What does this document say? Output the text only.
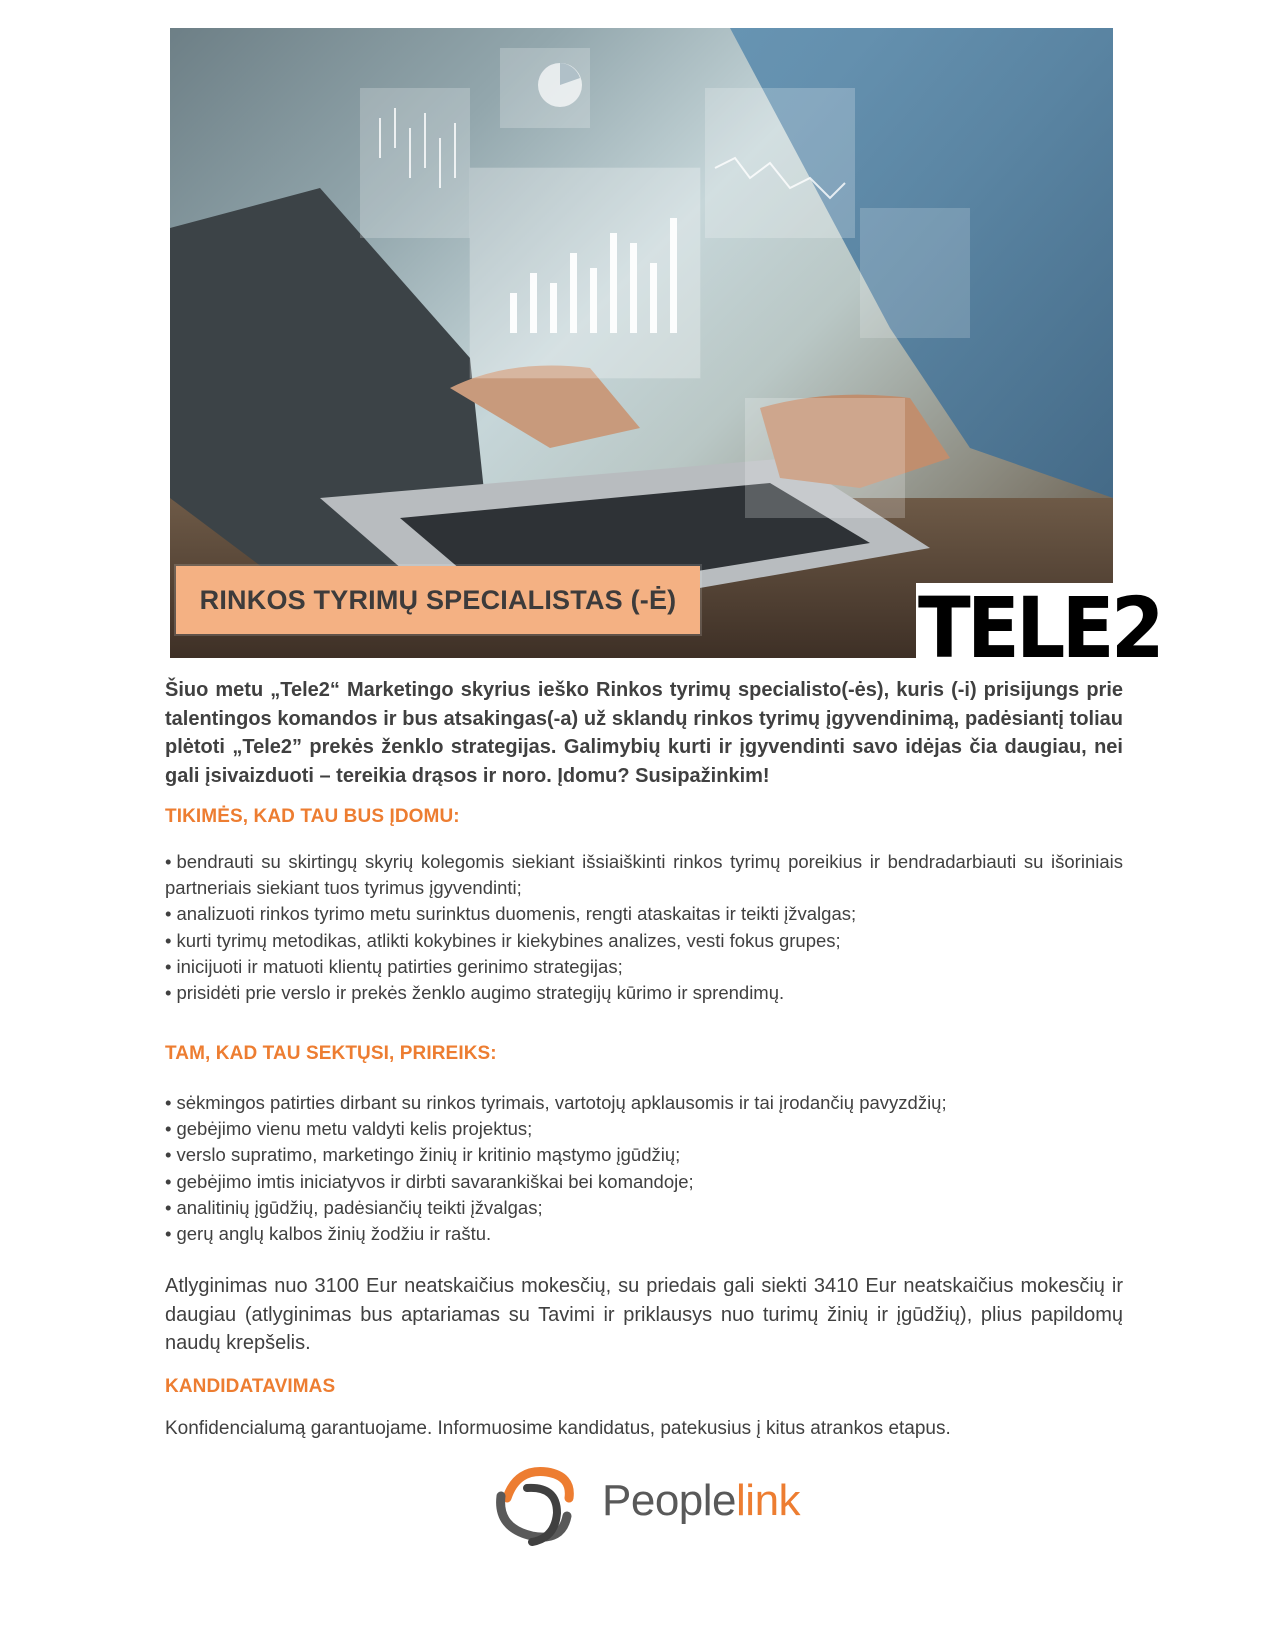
RINKOS TYRIMŲ SPECIALISTAS (-Ė)	TELE2

Šiuo metu „Tele2“ Marketingo skyrius ieško Rinkos tyrimų specialisto(-ės), kuris (-i) prisijungs prie talentingos komandos ir bus atsakingas(-a) už sklandų rinkos tyrimų įgyvendinimą, padėsiantį toliau plėtoti „Tele2” prekės ženklo strategijas. Galimybių kurti ir įgyvendinti savo idėjas čia daugiau, nei gali įsivaizduoti – tereikia drąsos ir noro. Įdomu? Susipažinkim!

TIKIMĖS, KAD TAU BUS ĮDOMU:
• bendrauti su skirtingų skyrių kolegomis siekiant išsiaiškinti rinkos tyrimų poreikius ir bendradarbiauti su išoriniais partneriais siekiant tuos tyrimus įgyvendinti;
• analizuoti rinkos tyrimo metu surinktus duomenis, rengti ataskaitas ir teikti įžvalgas;
• kurti tyrimų metodikas, atlikti kokybines ir kiekybines analizes, vesti fokus grupes;
• inicijuoti ir matuoti klientų patirties gerinimo strategijas;
• prisidėti prie verslo ir prekės ženklo augimo strategijų kūrimo ir sprendimų.
TAM, KAD TAU SEKTŲSI, PRIREIKS:
• sėkmingos patirties dirbant su rinkos tyrimais, vartotojų apklausomis ir tai įrodančių pavyzdžių;
• gebėjimo vienu metu valdyti kelis projektus;
• verslo supratimo, marketingo žinių ir kritinio mąstymo įgūdžių;
• gebėjimo imtis iniciatyvos ir dirbti savarankiškai bei komandoje;
• analitinių įgūdžių, padėsiančių teikti įžvalgas;
• gerų anglų kalbos žinių žodžiu ir raštu.

Atlyginimas nuo 3100 Eur neatskaičius mokesčių, su priedais gali siekti 3410 Eur neatskaičius mokesčių ir daugiau (atlyginimas bus aptariamas su Tavimi ir priklausys nuo turimų žinių ir įgūdžių), plius papildomų naudų krepšelis.

KANDIDATAVIMAS

Konfidencialumą garantuojame. Informuosime kandidatus, patekusius į kitus atrankos etapus.

Peoplelink
